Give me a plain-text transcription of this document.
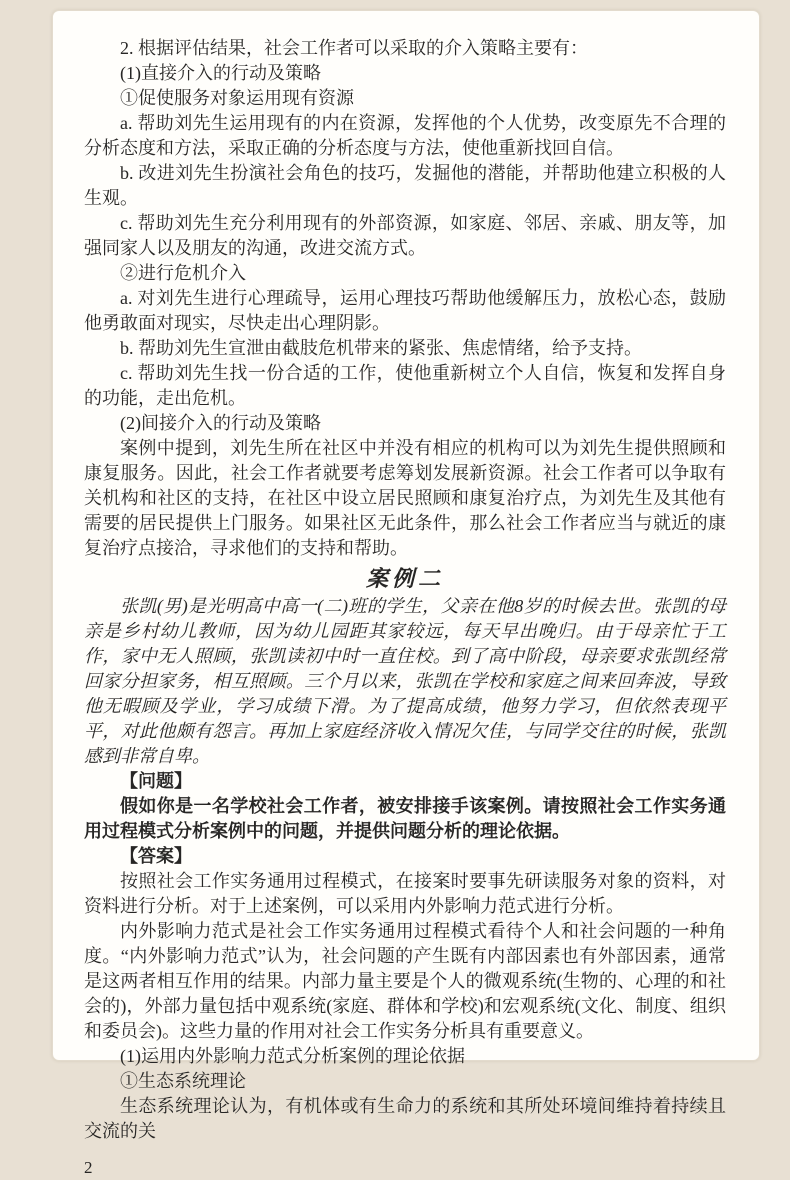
2. 根据评估结果，社会工作者可以采取的介入策略主要有：

(1)直接介入的行动及策略

①促使服务对象运用现有资源

a. 帮助刘先生运用现有的内在资源，发挥他的个人优势，改变原先不合理的分析态度和方法，采取正确的分析态度与方法，使他重新找回自信。

b. 改进刘先生扮演社会角色的技巧，发掘他的潜能，并帮助他建立积极的人生观。

c. 帮助刘先生充分利用现有的外部资源，如家庭、邻居、亲戚、朋友等，加强同家人以及朋友的沟通，改进交流方式。

②进行危机介入

a. 对刘先生进行心理疏导，运用心理技巧帮助他缓解压力，放松心态，鼓励他勇敢面对现实，尽快走出心理阴影。

b. 帮助刘先生宣泄由截肢危机带来的紧张、焦虑情绪，给予支持。

c. 帮助刘先生找一份合适的工作，使他重新树立个人自信，恢复和发挥自身的功能，走出危机。

(2)间接介入的行动及策略

案例中提到，刘先生所在社区中并没有相应的机构可以为刘先生提供照顾和康复服务。因此，社会工作者就要考虑筹划发展新资源。社会工作者可以争取有关机构和社区的支持，在社区中设立居民照顾和康复治疗点，为刘先生及其他有需要的居民提供上门服务。如果社区无此条件，那么社会工作者应当与就近的康复治疗点接洽，寻求他们的支持和帮助。

案例二

张凯(男)是光明高中高一(二)班的学生，父亲在他8岁的时候去世。张凯的母亲是乡村幼儿教师，因为幼儿园距其家较远，每天早出晚归。由于母亲忙于工作，家中无人照顾，张凯读初中时一直住校。到了高中阶段，母亲要求张凯经常回家分担家务，相互照顾。三个月以来，张凯在学校和家庭之间来回奔波，导致他无暇顾及学业，学习成绩下滑。为了提高成绩，他努力学习，但依然表现平平，对此他颇有怨言。再加上家庭经济收入情况欠佳，与同学交往的时候，张凯感到非常自卑。

【问题】

假如你是一名学校社会工作者，被安排接手该案例。请按照社会工作实务通用过程模式分析案例中的问题，并提供问题分析的理论依据。

【答案】

按照社会工作实务通用过程模式，在接案时要事先研读服务对象的资料，对资料进行分析。对于上述案例，可以采用内外影响力范式进行分析。

内外影响力范式是社会工作实务通用过程模式看待个人和社会问题的一种角度。“内外影响力范式”认为，社会问题的产生既有内部因素也有外部因素，通常是这两者相互作用的结果。内部力量主要是个人的微观系统(生物的、心理的和社会的)，外部力量包括中观系统(家庭、群体和学校)和宏观系统(文化、制度、组织和委员会)。这些力量的作用对社会工作实务分析具有重要意义。

(1)运用内外影响力范式分析案例的理论依据

①生态系统理论

生态系统理论认为，有机体或有生命力的系统和其所处环境间维持着持续且交流的关

2
